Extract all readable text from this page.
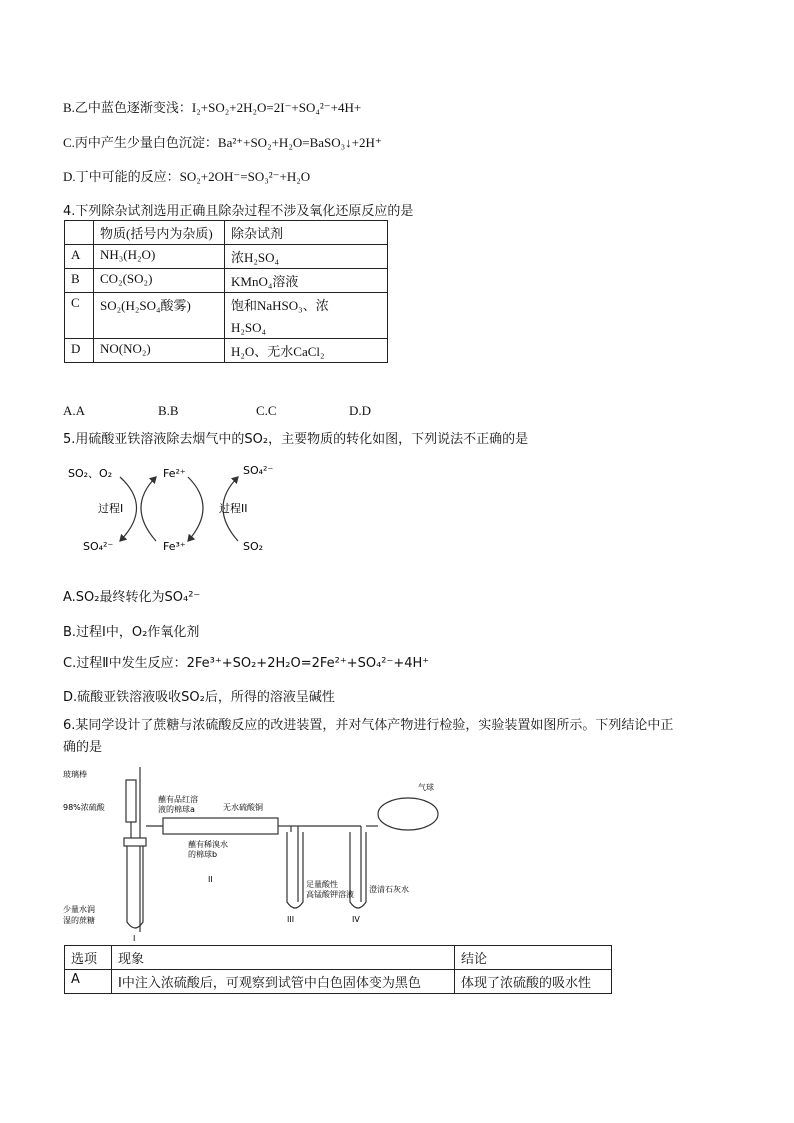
B.乙中蓝色逐渐变浅：I₂+SO₂+2H₂O=2I⁻+SO₄²⁻+4H+
C.丙中产生少量白色沉淀：Ba²⁺+SO₂+H₂O=BaSO₃↓+2H⁺
D.丁中可能的反应：SO₂+2OH⁻=SO₃²⁻+H₂O
4.下列除杂试剂选用正确且除杂过程不涉及氧化还原反应的是
	物质(括号内为杂质)	除杂试剂
A	NH₃(H₂O)	浓H₂SO₄
B	CO₂(SO₂)	KMnO₄溶液
C	SO₂(H₂SO₄酸雾)	饱和NaHSO₃、浓
H₂SO₄

D	NO(NO₂)	H₂O、无水CaCl₂
A.A	B.B	C.C	D.D
5.用硫酸亚铁溶液除去烟气中的SO₂，主要物质的转化如图，下列说法不正确的是
SO₂、O₂
SO₄²⁻
过程I
Fe²⁺
Fe³⁺
SO₄²⁻
SO₂
过程II
A.SO₂最终转化为SO₄²⁻
B.过程Ⅰ中，O₂作氧化剂
C.过程Ⅱ中发生反应：2Fe³⁺+SO₂+2H₂O=2Fe²⁺+SO₄²⁻+4H⁺
D.硫酸亚铁溶液吸收SO₂后，所得的溶液呈碱性
6.某同学设计了蔗糖与浓硫酸反应的改进装置，并对气体产物进行检验，实验装置如图所示。下列结论中正
确的是
玻璃棒
98%浓硫酸
少量水润
湿的蔗糖
蘸有品红溶
液的棉球a	无水硫酸铜
蘸有稀溴水
的棉球b
足量酸性
高锰酸钾溶液
澄清石灰水
气球
I
II
III	IV
选项	现象	结论
A	Ⅰ中注入浓硫酸后，可观察到试管中白色固体变为黑色	体现了浓硫酸的吸水性
